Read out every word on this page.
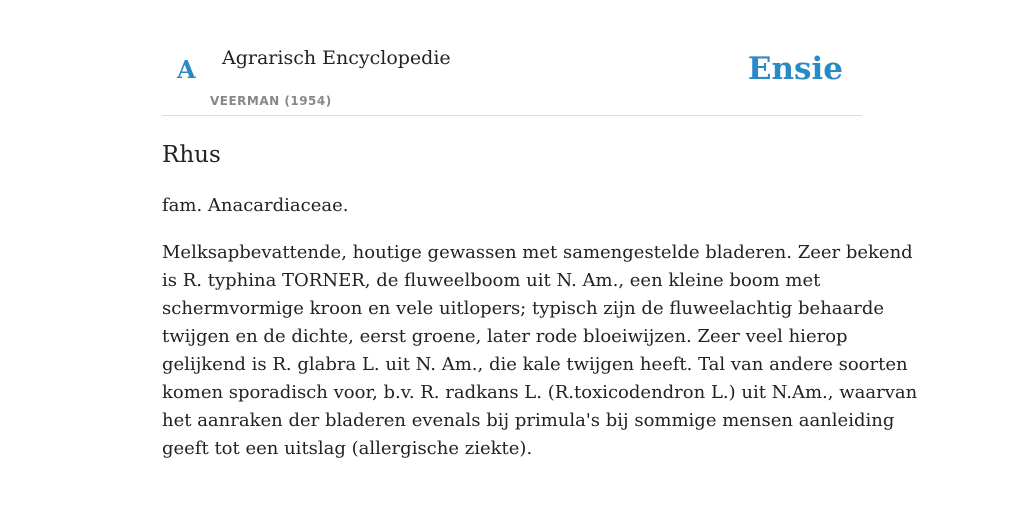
A Agrarisch Encyclopedie
VEERMAN (1954)
Ensie
Rhus

fam. Anacardiaceae.

Melksapbevattende, houtige gewassen met samengestelde bladeren. Zeer bekend
is R. typhina TORNER, de fluweelboom uit N. Am., een kleine boom met
schermvormige kroon en vele uitlopers; typisch zijn de fluweelachtig behaarde
twijgen en de dichte, eerst groene, later rode bloeiwijzen. Zeer veel hierop
gelijkend is R. glabra L. uit N. Am., die kale twijgen heeft. Tal van andere soorten
komen sporadisch voor, b.v. R. radkans L. (R.toxicodendron L.) uit N.Am., waarvan
het aanraken der bladeren evenals bij primula's bij sommige mensen aanleiding
geeft tot een uitslag (allergische ziekte).
